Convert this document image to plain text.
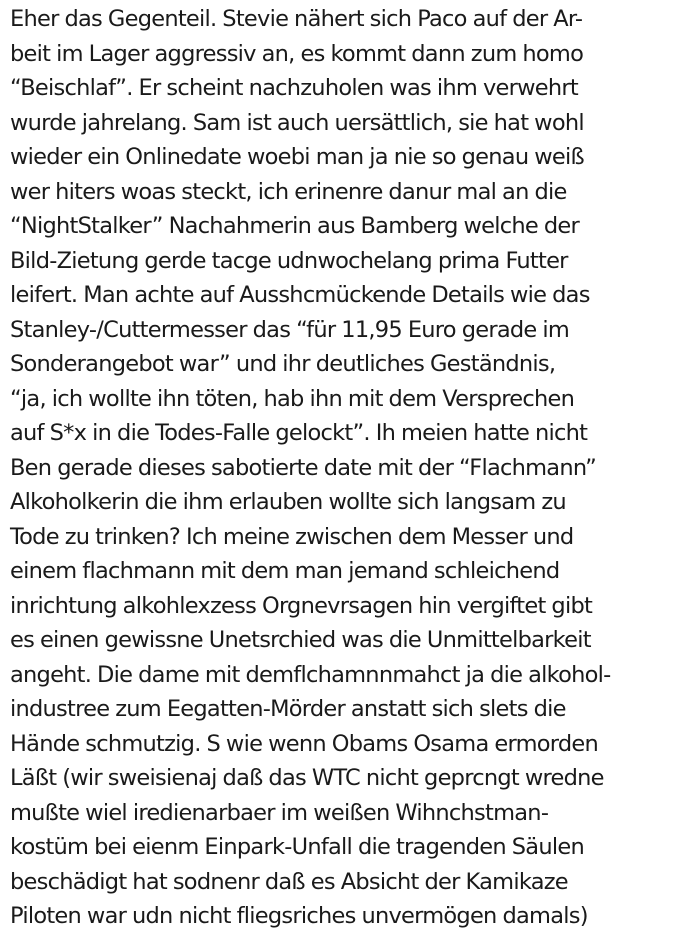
Eher das Gegenteil. Stevie nähert sich Paco auf der Ar-
beit im Lager aggressiv an, es kommt dann zum homo
“Beischlaf”. Er scheint nachzuholen was ihm verwehrt
wurde jahrelang. Sam ist auch uersättlich, sie hat wohl
wieder ein Onlinedate woebi man ja nie so genau weiß
wer hiters woas steckt, ich erinenre danur mal an die
“NightStalker” Nachahmerin aus Bamberg welche der
Bild-Zietung gerde tacge udnwochelang prima Futter
leifert. Man achte auf Ausshcmückende Details wie das
Stanley-/Cuttermesser das “für 11,95 Euro gerade im
Sonderangebot war” und ihr deutliches Geständnis,
“ja, ich wollte ihn töten, hab ihn mit dem Versprechen
auf S*x in die Todes-Falle gelockt”. Ih meien hatte nicht
Ben gerade dieses sabotierte date mit der “Flachmann”
Alkoholkerin die ihm erlauben wollte sich langsam zu
Tode zu trinken? Ich meine zwischen dem Messer und
einem flachmann mit dem man jemand schleichend
inrichtung alkohlexzess Orgnevrsagen hin vergiftet gibt
es einen gewissne Unetsrchied was die Unmittelbarkeit
angeht. Die dame mit demflchamnnmahct ja die alkohol-
industree zum Eegatten-Mörder anstatt sich slets die
Hände schmutzig. S wie wenn Obams Osama ermorden
Läßt (wir sweisienaj daß das WTC nicht geprcngt wredne
mußte wiel iredienarbaer im weißen Wihnchstman-
kostüm bei eienm Einpark-Unfall die tragenden Säulen
beschädigt hat sodnenr daß es Absicht der Kamikaze
Piloten war udn nicht fliegsriches unvermögen damals)
